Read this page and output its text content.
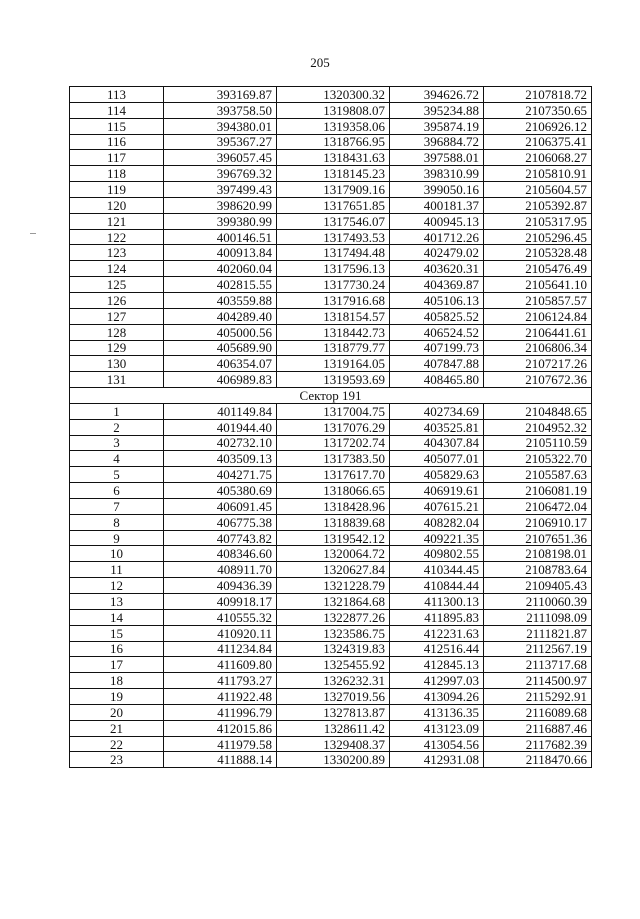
205
113	393169.87	1320300.32	394626.72	2107818.72
114	393758.50	1319808.07	395234.88	2107350.65
115	394380.01	1319358.06	395874.19	2106926.12
116	395367.27	1318766.95	396884.72	2106375.41
117	396057.45	1318431.63	397588.01	2106068.27
118	396769.32	1318145.23	398310.99	2105810.91
119	397499.43	1317909.16	399050.16	2105604.57
120	398620.99	1317651.85	400181.37	2105392.87
121	399380.99	1317546.07	400945.13	2105317.95
122	400146.51	1317493.53	401712.26	2105296.45
123	400913.84	1317494.48	402479.02	2105328.48
124	402060.04	1317596.13	403620.31	2105476.49
125	402815.55	1317730.24	404369.87	2105641.10
126	403559.88	1317916.68	405106.13	2105857.57
127	404289.40	1318154.57	405825.52	2106124.84
128	405000.56	1318442.73	406524.52	2106441.61
129	405689.90	1318779.77	407199.73	2106806.34
130	406354.07	1319164.05	407847.88	2107217.26
131	406989.83	1319593.69	408465.80	2107672.36
Сектор 191				
1	401149.84	1317004.75	402734.69	2104848.65
2	401944.40	1317076.29	403525.81	2104952.32
3	402732.10	1317202.74	404307.84	2105110.59
4	403509.13	1317383.50	405077.01	2105322.70
5	404271.75	1317617.70	405829.63	2105587.63
6	405380.69	1318066.65	406919.61	2106081.19
7	406091.45	1318428.96	407615.21	2106472.04
8	406775.38	1318839.68	408282.04	2106910.17
9	407743.82	1319542.12	409221.35	2107651.36
10	408346.60	1320064.72	409802.55	2108198.01
11	408911.70	1320627.84	410344.45	2108783.64
12	409436.39	1321228.79	410844.44	2109405.43
13	409918.17	1321864.68	411300.13	2110060.39
14	410555.32	1322877.26	411895.83	2111098.09
15	410920.11	1323586.75	412231.63	2111821.87
16	411234.84	1324319.83	412516.44	2112567.19
17	411609.80	1325455.92	412845.13	2113717.68
18	411793.27	1326232.31	412997.03	2114500.97
19	411922.48	1327019.56	413094.26	2115292.91
20	411996.79	1327813.87	413136.35	2116089.68
21	412015.86	1328611.42	413123.09	2116887.46
22	411979.58	1329408.37	413054.56	2117682.39
23	411888.14	1330200.89	412931.08	2118470.66
